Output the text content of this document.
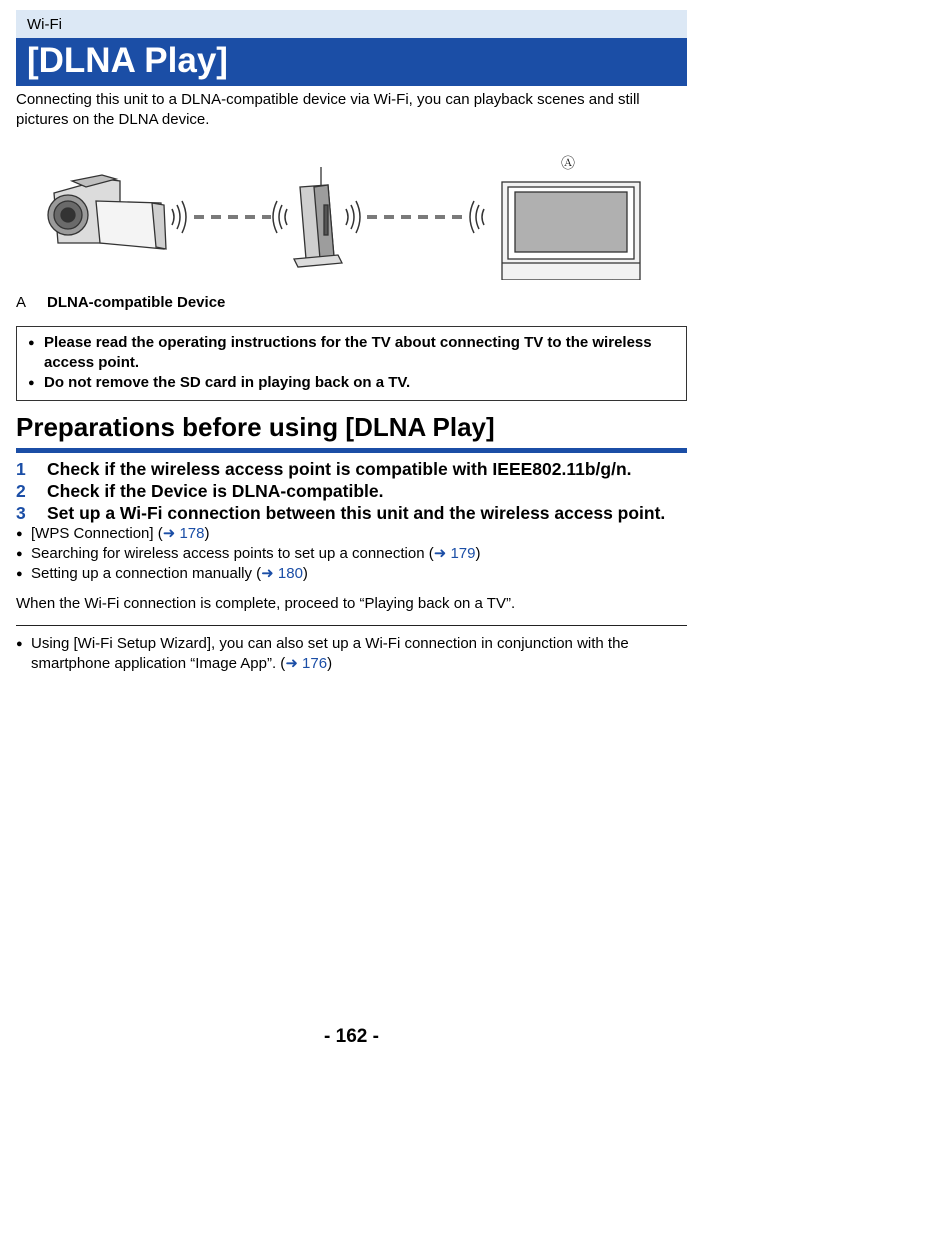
Wi-Fi
[DLNA Play]
Connecting this unit to a DLNA-compatible device via Wi-Fi, you can playback scenes and still pictures on the DLNA device.
Ⓐ
A DLNA-compatible Device
● Please read the operating instructions for the TV about connecting TV to the wireless access point.
● Do not remove the SD card in playing back on a TV.
Preparations before using [DLNA Play]
1 Check if the wireless access point is compatible with IEEE802.11b/g/n.
2 Check if the Device is DLNA-compatible.
3 Set up a Wi-Fi connection between this unit and the wireless access point.
● [WPS Connection] (➜ 178)
● Searching for wireless access points to set up a connection (➜ 179)
● Setting up a connection manually (➜ 180)
When the Wi-Fi connection is complete, proceed to “Playing back on a TV”.
● Using [Wi-Fi Setup Wizard], you can also set up a Wi-Fi connection in conjunction with the smartphone application “Image App”. (➜ 176)
- 162 -
